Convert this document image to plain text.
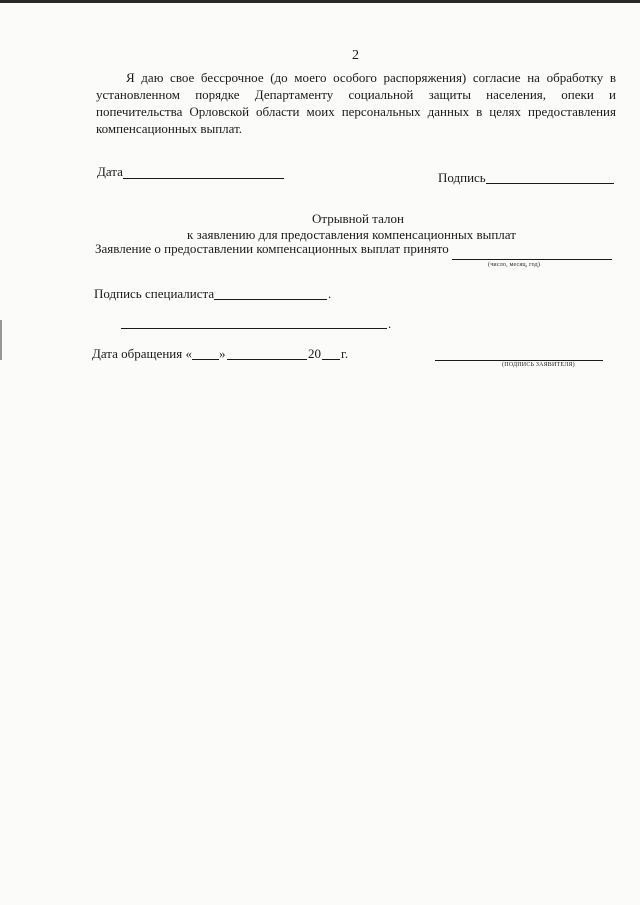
2
Я даю свое бессрочное (до моего особого распоряжения) согласие на обработку в установленном порядке Департаменту социальной защиты населения, опеки и попечительства Орловской области моих персональных данных в целях предоставления компенсационных выплат.
Дата	Подпись
Отрывной талон
к заявлению для предоставления компенсационных выплат
Заявление о предоставлении компенсационных выплат принято
(число, месяц, год)
Подпись специалиста	.
.
Дата обращения « »	20 г.
(ПОДПИСЬ ЗАЯВИТЕЛЯ)
